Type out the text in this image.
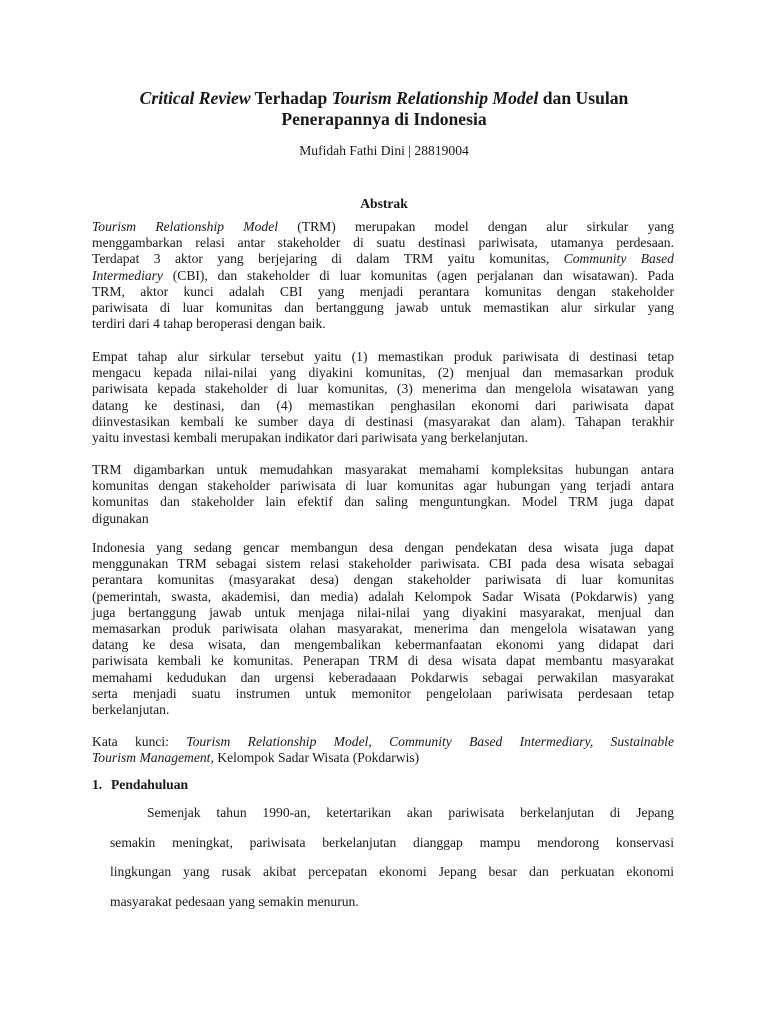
Critical Review Terhadap Tourism Relationship Model dan Usulan
Penerapannya di Indonesia

Mufidah Fathi Dini | 28819004

Abstrak

Tourism Relationship Model (TRM) merupakan model dengan alur sirkular yang
menggambarkan relasi antar stakeholder di suatu destinasi pariwisata, utamanya perdesaan.
Terdapat 3 aktor yang berjejaring di dalam TRM yaitu komunitas, Community Based
Intermediary (CBI), dan stakeholder di luar komunitas (agen perjalanan dan wisatawan). Pada
TRM, aktor kunci adalah CBI yang menjadi perantara komunitas dengan stakeholder
pariwisata di luar komunitas dan bertanggung jawab untuk memastikan alur sirkular yang
terdiri dari 4 tahap beroperasi dengan baik.

Empat tahap alur sirkular tersebut yaitu (1) memastikan produk pariwisata di destinasi tetap
mengacu kepada nilai-nilai yang diyakini komunitas, (2) menjual dan memasarkan produk
pariwisata kepada stakeholder di luar komunitas, (3) menerima dan mengelola wisatawan yang
datang ke destinasi, dan (4) memastikan penghasilan ekonomi dari pariwisata dapat
diinvestasikan kembali ke sumber daya di destinasi (masyarakat dan alam). Tahapan terakhir
yaitu investasi kembali merupakan indikator dari pariwisata yang berkelanjutan.

TRM digambarkan untuk memudahkan masyarakat memahami kompleksitas hubungan antara
komunitas dengan stakeholder pariwisata di luar komunitas agar hubungan yang terjadi antara
komunitas dan stakeholder lain efektif dan saling menguntungkan. Model TRM juga dapat
digunakan

Indonesia yang sedang gencar membangun desa dengan pendekatan desa wisata juga dapat
menggunakan TRM sebagai sistem relasi stakeholder pariwisata. CBI pada desa wisata sebagai
perantara komunitas (masyarakat desa) dengan stakeholder pariwisata di luar komunitas
(pemerintah, swasta, akademisi, dan media) adalah Kelompok Sadar Wisata (Pokdarwis) yang
juga bertanggung jawab untuk menjaga nilai-nilai yang diyakini masyarakat, menjual dan
memasarkan produk pariwisata olahan masyarakat, menerima dan mengelola wisatawan yang
datang ke desa wisata, dan mengembalikan kebermanfaatan ekonomi yang didapat dari
pariwisata kembali ke komunitas. Penerapan TRM di desa wisata dapat membantu masyarakat
memahami kedudukan dan urgensi keberadaaan Pokdarwis sebagai perwakilan masyarakat
serta menjadi suatu instrumen untuk memonitor pengelolaan pariwisata perdesaan tetap
berkelanjutan.

Kata kunci: Tourism Relationship Model, Community Based Intermediary, Sustainable
Tourism Management, Kelompok Sadar Wisata (Pokdarwis)

1. Pendahuluan

Semenjak tahun 1990-an, ketertarikan akan pariwisata berkelanjutan di Jepang
semakin meningkat, pariwisata berkelanjutan dianggap mampu mendorong konservasi
lingkungan yang rusak akibat percepatan ekonomi Jepang besar dan perkuatan ekonomi
masyarakat pedesaan yang semakin menurun.
